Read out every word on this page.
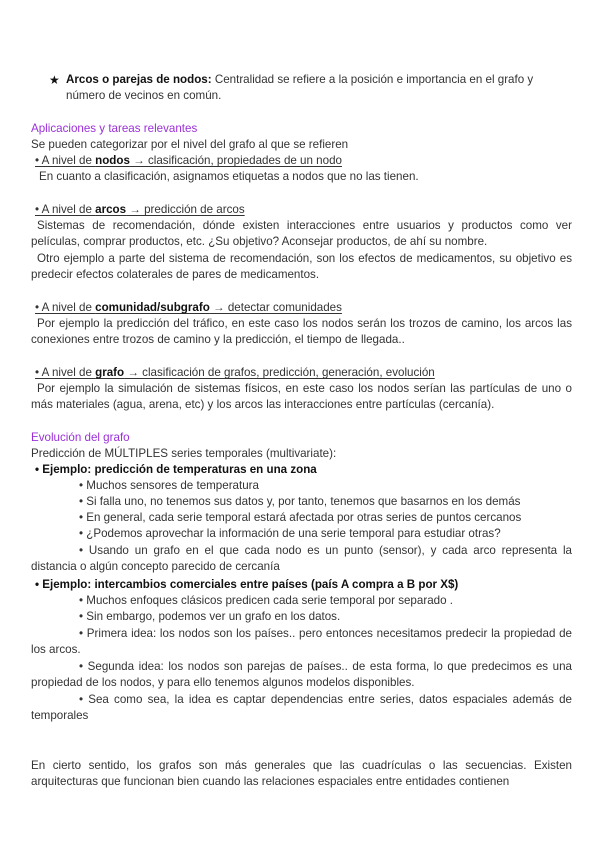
★ Arcos o parejas de nodos: Centralidad se refiere a la posición e importancia en el grafo y
número de vecinos en común.
Aplicaciones y tareas relevantes
Se pueden categorizar por el nivel del grafo al que se refieren
• A nivel de nodos → clasificación, propiedades de un nodo
En cuanto a clasificación, asignamos etiquetas a nodos que no las tienen.
• A nivel de arcos → predicción de arcos
Sistemas de recomendación, dónde existen interacciones entre usuarios y productos como ver películas, comprar productos, etc. ¿Su objetivo? Aconsejar productos, de ahí su nombre.
Otro ejemplo a parte del sistema de recomendación, son los efectos de medicamentos, su objetivo es predecir efectos colaterales de pares de medicamentos.
• A nivel de comunidad/subgrafo → detectar comunidades
Por ejemplo la predicción del tráfico, en este caso los nodos serán los trozos de camino, los arcos las conexiones entre trozos de camino y la predicción, el tiempo de llegada..
• A nivel de grafo → clasificación de grafos, predicción, generación, evolución
Por ejemplo la simulación de sistemas físicos, en este caso los nodos serían las partículas de uno o más materiales (agua, arena, etc) y los arcos las interacciones entre partículas (cercanía).
Evolución del grafo
Predicción de MÚLTIPLES series temporales (multivariate):
• Ejemplo: predicción de temperaturas en una zona
• Muchos sensores de temperatura
• Si falla uno, no tenemos sus datos y, por tanto, tenemos que basarnos en los demás
• En general, cada serie temporal estará afectada por otras series de puntos cercanos
• ¿Podemos aprovechar la información de una serie temporal para estudiar otras?
• Usando un grafo en el que cada nodo es un punto (sensor), y cada arco representa la distancia o algún concepto parecido de cercanía
• Ejemplo: intercambios comerciales entre países (país A compra a B por X$)
• Muchos enfoques clásicos predicen cada serie temporal por separado .
• Sin embargo, podemos ver un grafo en los datos.
• Primera idea: los nodos son los países.. pero entonces necesitamos predecir la propiedad de los arcos.
• Segunda idea: los nodos son parejas de países.. de esta forma, lo que predecimos es una propiedad de los nodos, y para ello tenemos algunos modelos disponibles.
• Sea como sea, la idea es captar dependencias entre series, datos espaciales además de temporales
En cierto sentido, los grafos son más generales que las cuadrículas o las secuencias. Existen arquitecturas que funcionan bien cuando las relaciones espaciales entre entidades contienen
